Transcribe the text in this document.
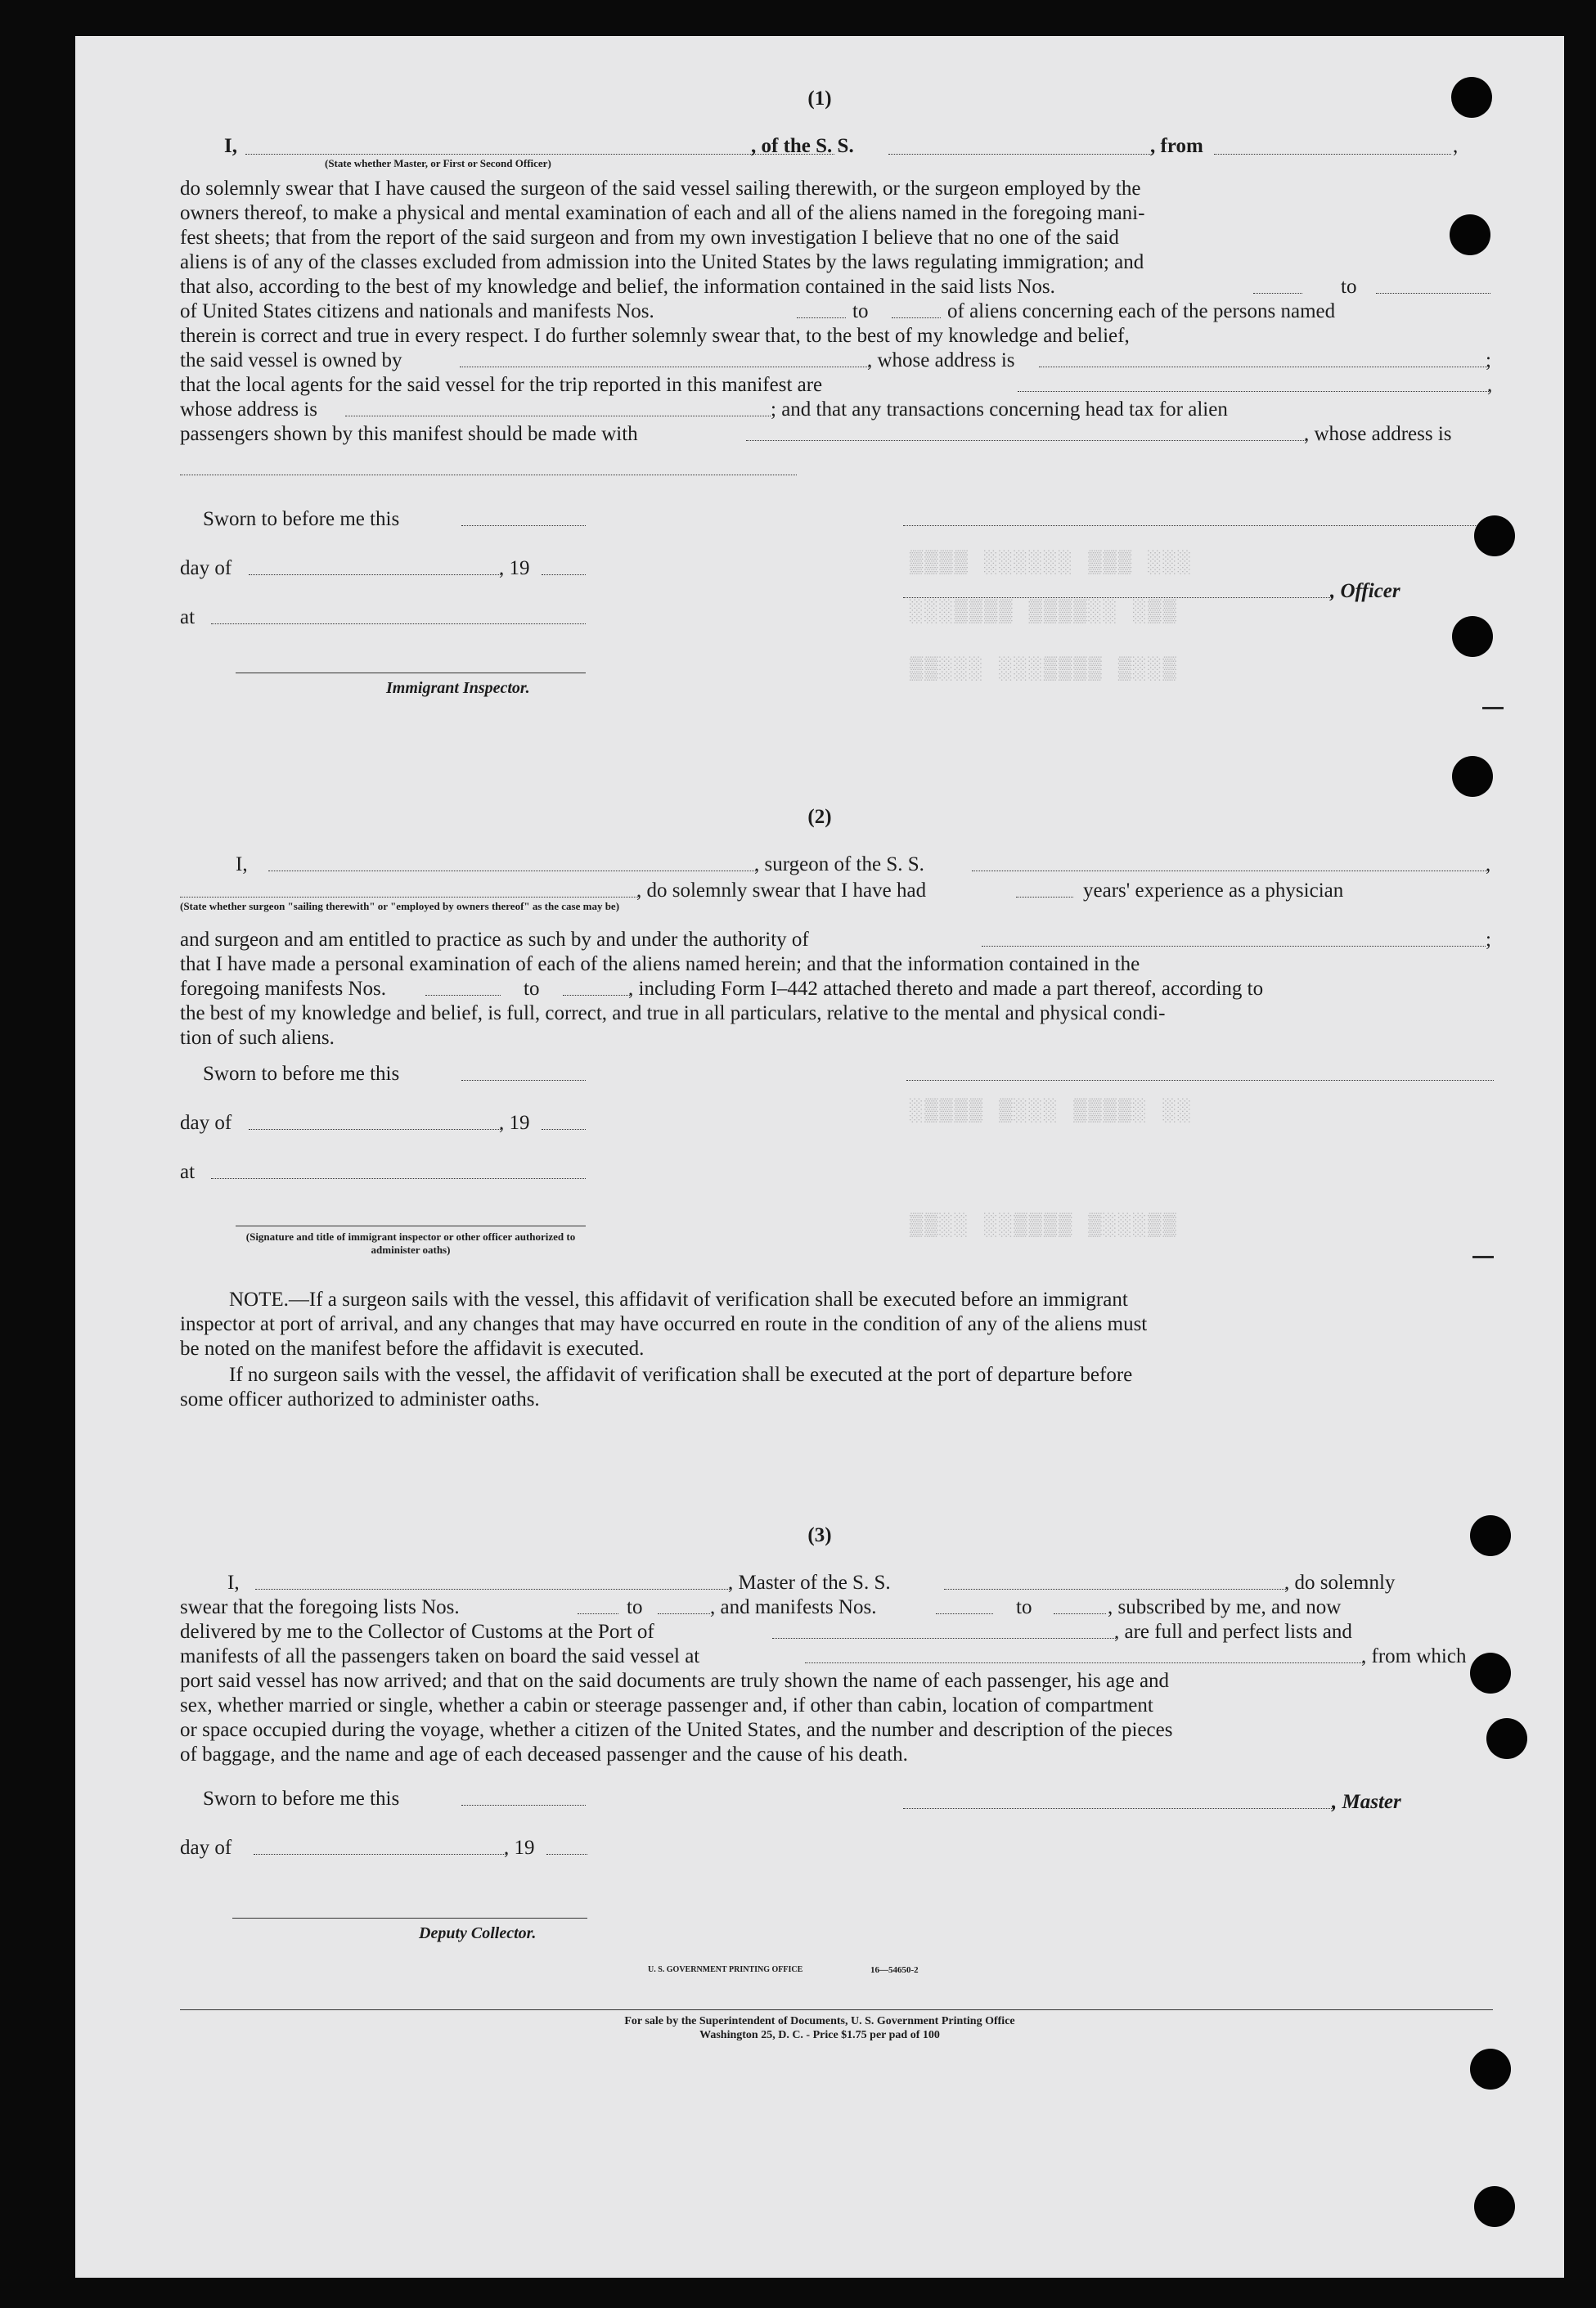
▒▒▒▒ ░░░░░░ ▒▒▒ ░░░
░░░▒▒▒▒ ▒▒▒▒░░ ░▒▒
▒▒░░░ ░░░▒▒▒▒ ▒░░▒
░▒▒▒▒ ▒░░░ ▒▒▒▒░ ░░
▒▒░░ ░░▒▒▒▒ ▒░░░▒▒
(1)
I,	, of the S. S.	, from	,
(State whether Master, or First or Second Officer)
do solemnly swear that I have caused the surgeon of the said vessel sailing therewith, or the surgeon employed by the
owners thereof, to make a physical and mental examination of each and all of the aliens named in the foregoing mani-
fest sheets; that from the report of the said surgeon and from my own investigation I believe that no one of the said
aliens is of any of the classes excluded from admission into the United States by the laws regulating immigration; and
that also, according to the best of my knowledge and belief, the information contained in the said lists Nos.	to
of United States citizens and nationals and manifests Nos.	to	of aliens concerning each of the persons named
therein is correct and true in every respect. I do further solemnly swear that, to the best of my knowledge and belief,
the said vessel is owned by	, whose address is	;
that the local agents for the said vessel for the trip reported in this manifest are	,
whose address is	; and that any transactions concerning head tax for alien
passengers shown by this manifest should be made with	, whose address is
Sworn to before me this
day of	, 19
, Officer
at
Immigrant Inspector.
(2)
I,	, surgeon of the S. S.	,
, do solemnly swear that I have had	years' experience as a physician
(State whether surgeon "sailing therewith" or "employed by owners thereof" as the case may be)
and surgeon and am entitled to practice as such by and under the authority of	;
that I have made a personal examination of each of the aliens named herein; and that the information contained in the
foregoing manifests Nos.	to	, including Form I–442 attached thereto and made a part thereof, according to
the best of my knowledge and belief, is full, correct, and true in all particulars, relative to the mental and physical condi-
tion of such aliens.
Sworn to before me this
day of	, 19
at
(Signature and title of immigrant inspector or other officer authorized to administer oaths)
NOTE.—If a surgeon sails with the vessel, this affidavit of verification shall be executed before an immigrant
inspector at port of arrival, and any changes that may have occurred en route in the condition of any of the aliens must
be noted on the manifest before the affidavit is executed.
If no surgeon sails with the vessel, the affidavit of verification shall be executed at the port of departure before
some officer authorized to administer oaths.
(3)
I,	, Master of the S. S.	, do solemnly
swear that the foregoing lists Nos.	to	, and manifests Nos.	to	, subscribed by me, and now
delivered by me to the Collector of Customs at the Port of	, are full and perfect lists and
manifests of all the passengers taken on board the said vessel at	, from which
port said vessel has now arrived; and that on the said documents are truly shown the name of each passenger, his age and
sex, whether married or single, whether a cabin or steerage passenger and, if other than cabin, location of compartment
or space occupied during the voyage, whether a citizen of the United States, and the number and description of the pieces
of baggage, and the name and age of each deceased passenger and the cause of his death.
Sworn to before me this	, Master
day of	, 19
Deputy Collector.
U. S. GOVERNMENT PRINTING OFFICE	16—54650-2
For sale by the Superintendent of Documents, U. S. Government Printing Office
Washington 25, D. C. - Price $1.75 per pad of 100
